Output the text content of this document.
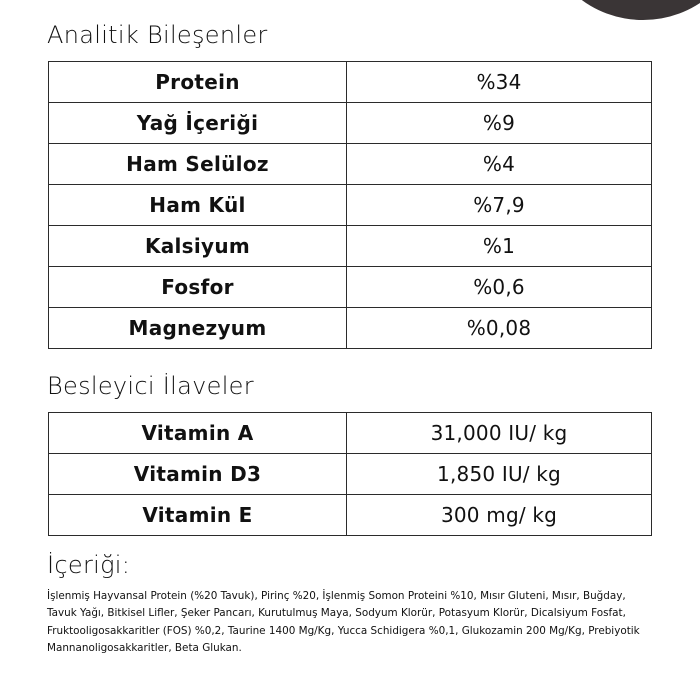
Analitik Bileşenler
Protein	%34
Yağ İçeriği	%9
Ham Selüloz	%4
Ham Kül	%7,9
Kalsiyum	%1
Fosfor	%0,6
Magnezyum	%0,08
Besleyici İlaveler
Vitamin A	31,000 IU/ kg
Vitamin D3	1,850 IU/ kg
Vitamin E	300 mg/ kg
İçeriği:

İşlenmiş Hayvansal Protein (%20 Tavuk), Pirinç %20, İşlenmiş Somon Proteini %10, Mısır Gluteni, Mısır, Buğday, Tavuk Yağı, Bitkisel Lifler, Şeker Pancarı, Kurutulmuş Maya, Sodyum Klorür, Potasyum Klorür, Dicalsiyum Fosfat, Fruktooligosakkaritler (FOS) %0,2, Taurine 1400 Mg/Kg, Yucca Schidigera %0,1, Glukozamin 200 Mg/Kg, Prebiyotik Mannanoligosakkaritler, Beta Glukan.
